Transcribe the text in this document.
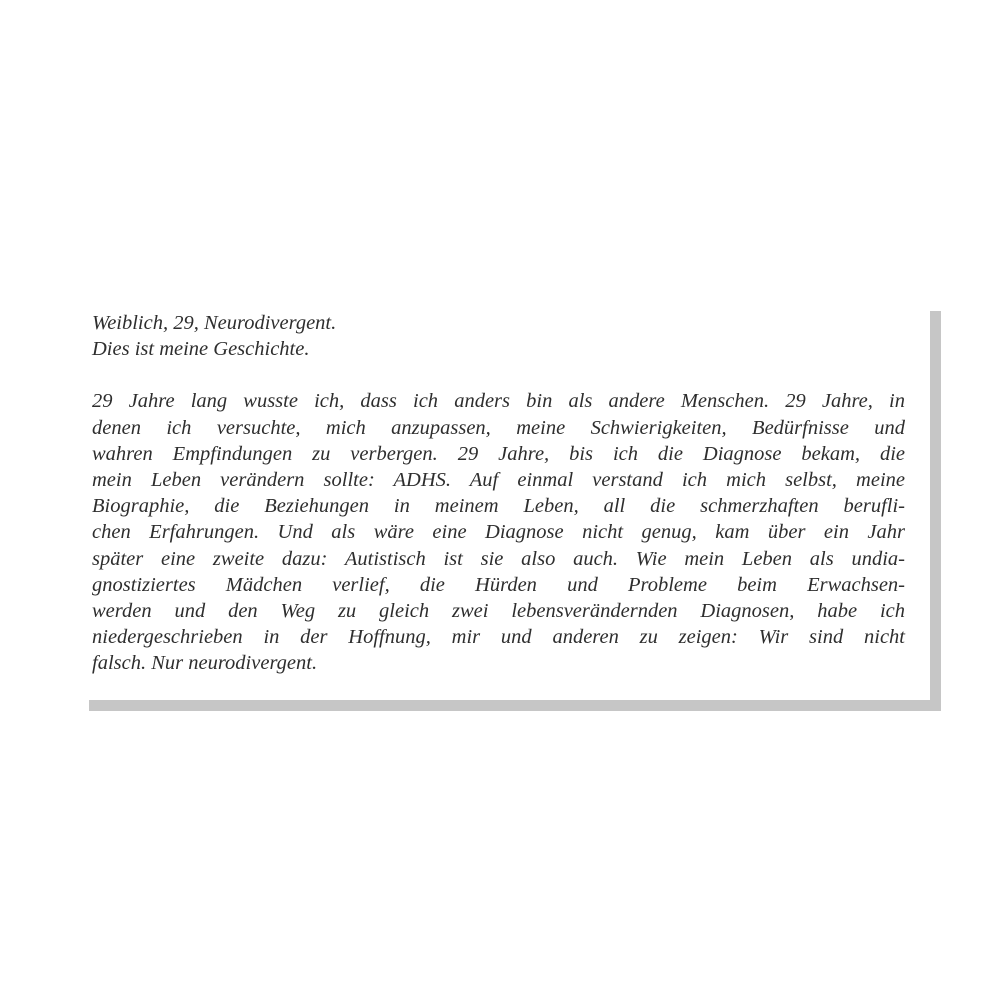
Weiblich, 29, Neurodivergent.
Dies ist meine Geschichte.
29 Jahre lang wusste ich, dass ich anders bin als andere Menschen. 29 Jahre, in
denen ich versuchte, mich anzupassen, meine Schwierigkeiten, Bedürfnisse und
wahren Empfindungen zu verbergen. 29 Jahre, bis ich die Diagnose bekam, die
mein Leben verändern sollte: ADHS. Auf einmal verstand ich mich selbst, meine
Biographie, die Beziehungen in meinem Leben, all die schmerzhaften berufli-
chen Erfahrungen. Und als wäre eine Diagnose nicht genug, kam über ein Jahr
später eine zweite dazu: Autistisch ist sie also auch. Wie mein Leben als undia-
gnostiziertes Mädchen verlief, die Hürden und Probleme beim Erwachsen-
werden und den Weg zu gleich zwei lebensverändernden Diagnosen, habe ich
niedergeschrieben in der Hoffnung, mir und anderen zu zeigen: Wir sind nicht
falsch. Nur neurodivergent.
